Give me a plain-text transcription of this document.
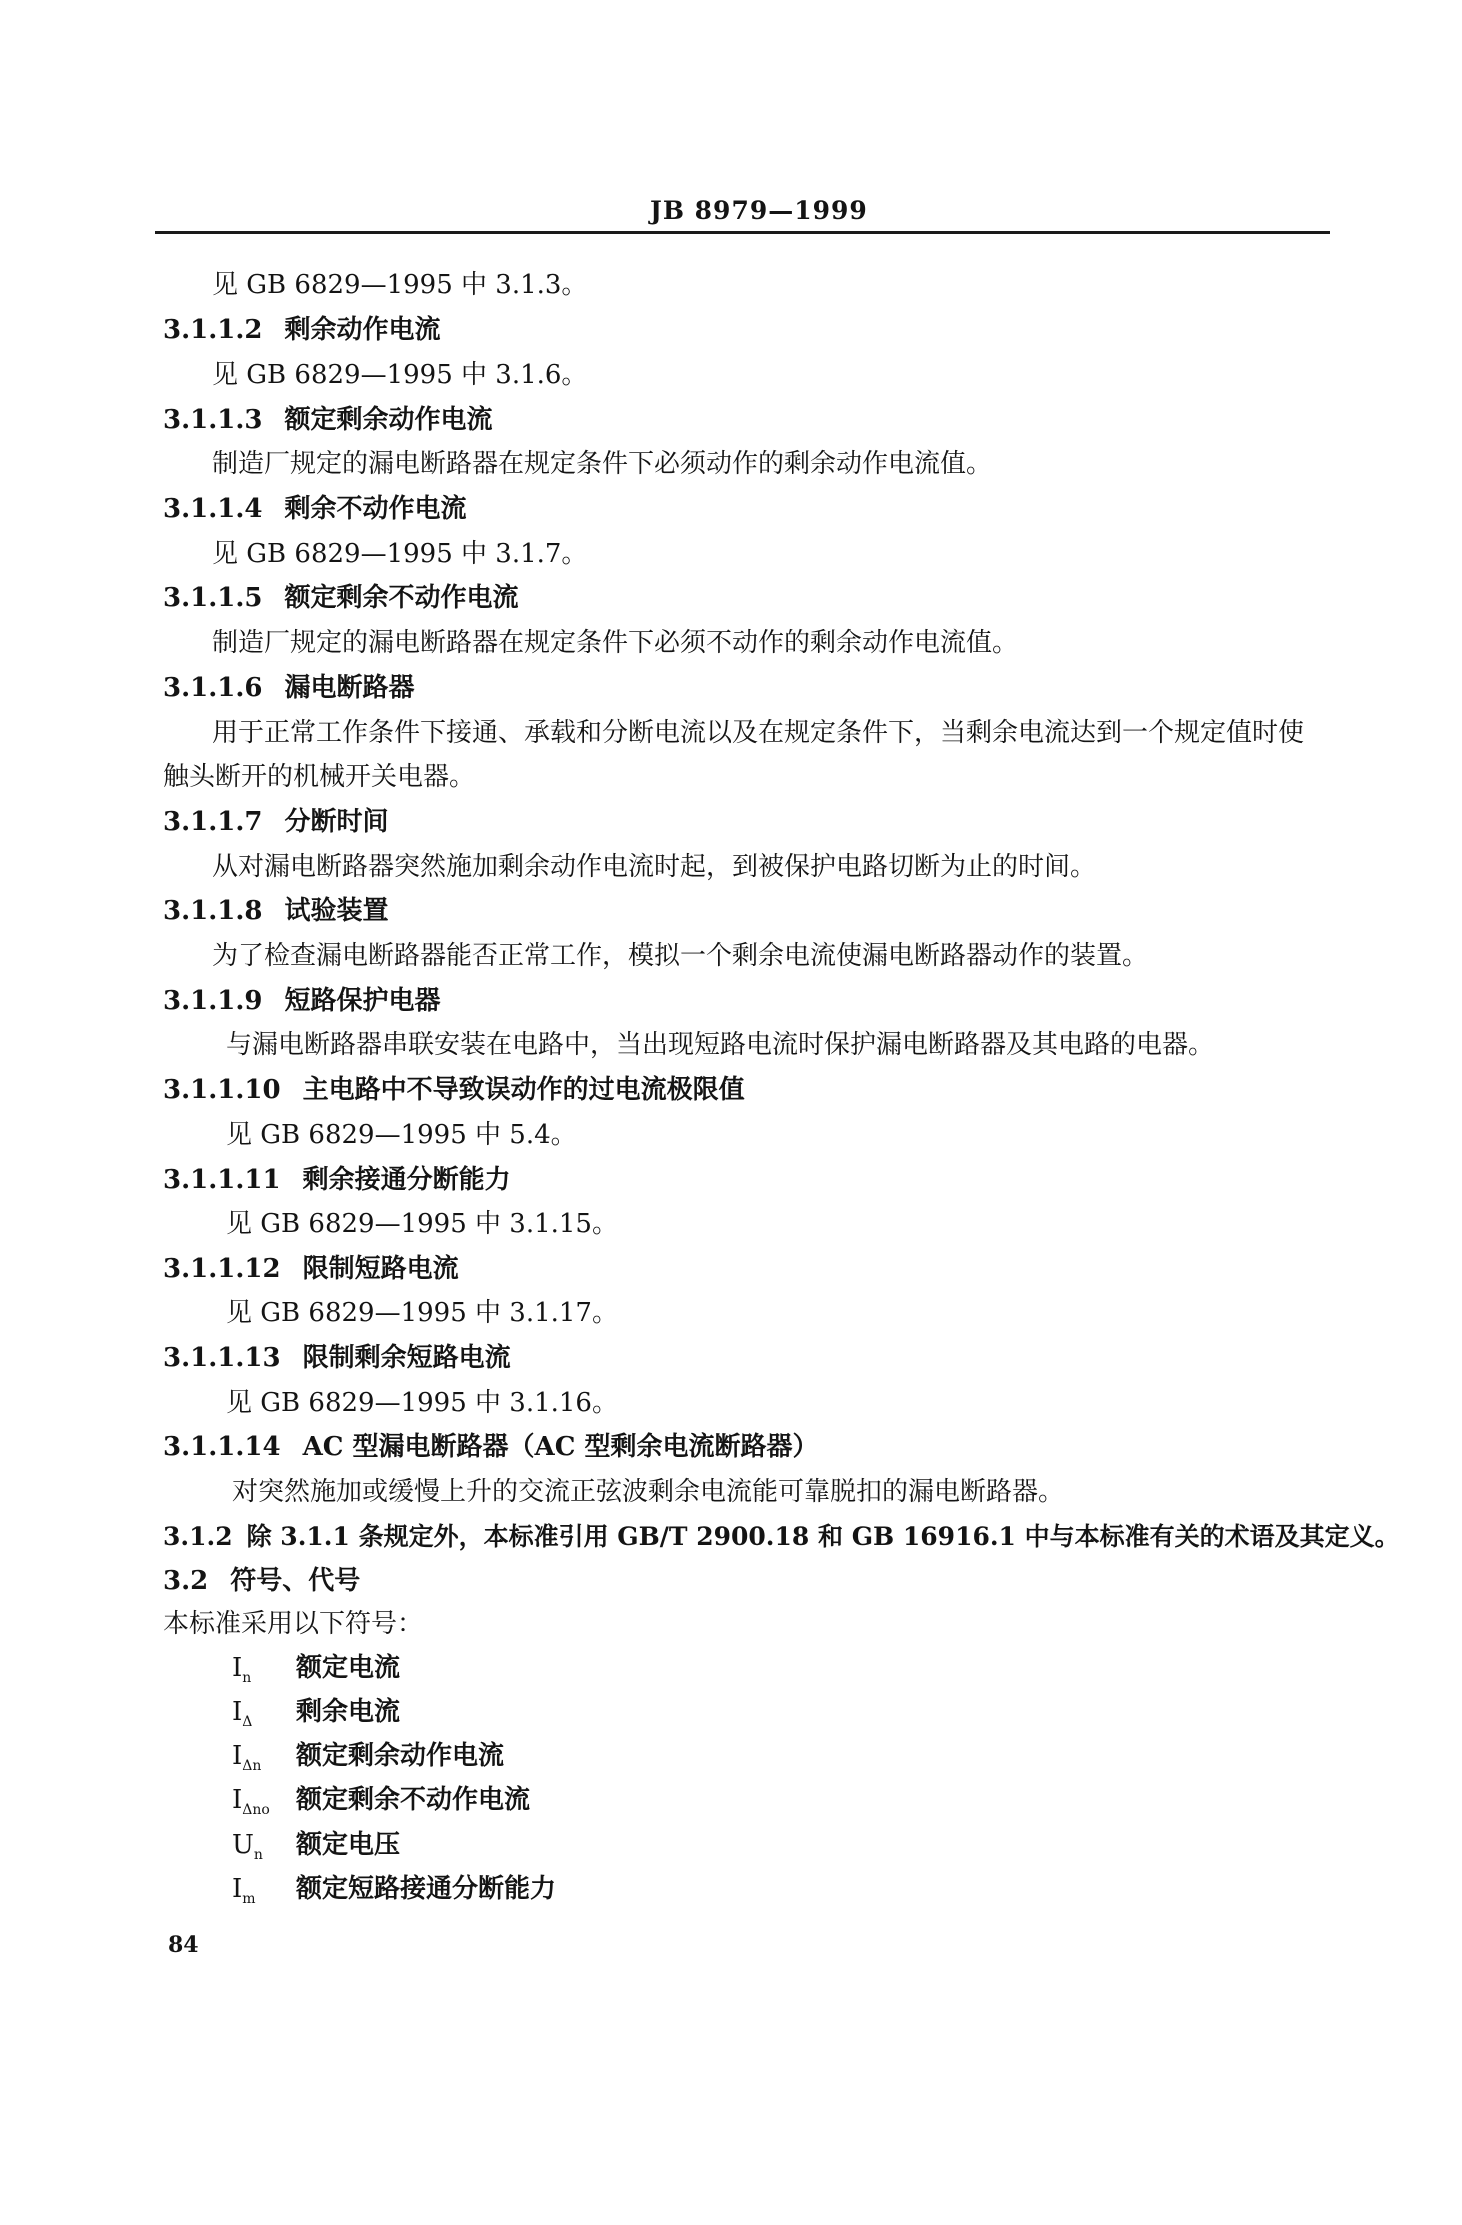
JB 8979—1999
见 GB 6829—1995 中 3.1.3。
3.1.1.2 剩余动作电流
见 GB 6829—1995 中 3.1.6。
3.1.1.3 额定剩余动作电流
制造厂规定的漏电断路器在规定条件下必须动作的剩余动作电流值。
3.1.1.4 剩余不动作电流
见 GB 6829—1995 中 3.1.7。
3.1.1.5 额定剩余不动作电流
制造厂规定的漏电断路器在规定条件下必须不动作的剩余动作电流值。
3.1.1.6 漏电断路器
用于正常工作条件下接通、承载和分断电流以及在规定条件下，当剩余电流达到一个规定值时使
触头断开的机械开关电器。
3.1.1.7 分断时间
从对漏电断路器突然施加剩余动作电流时起，到被保护电路切断为止的时间。
3.1.1.8 试验装置
为了检查漏电断路器能否正常工作，模拟一个剩余电流使漏电断路器动作的装置。
3.1.1.9 短路保护电器
与漏电断路器串联安装在电路中，当出现短路电流时保护漏电断路器及其电路的电器。
3.1.1.10 主电路中不导致误动作的过电流极限值
见 GB 6829—1995 中 5.4。
3.1.1.11 剩余接通分断能力
见 GB 6829—1995 中 3.1.15。
3.1.1.12 限制短路电流
见 GB 6829—1995 中 3.1.17。
3.1.1.13 限制剩余短路电流
见 GB 6829—1995 中 3.1.16。
3.1.1.14 AC 型漏电断路器（AC 型剩余电流断路器）
对突然施加或缓慢上升的交流正弦波剩余电流能可靠脱扣的漏电断路器。
3.1.2 除 3.1.1 条规定外，本标准引用 GB/T 2900.18 和 GB 16916.1 中与本标准有关的术语及其定义。
3.2 符号、代号
本标准采用以下符号：
$I_n$ 额定电流
$I_\Delta$ 剩余电流
$I_{\Delta n}$ 额定剩余动作电流
$I_{\Delta no}$ 额定剩余不动作电流
$U_n$ 额定电压
$I_m$ 额定短路接通分断能力
84
